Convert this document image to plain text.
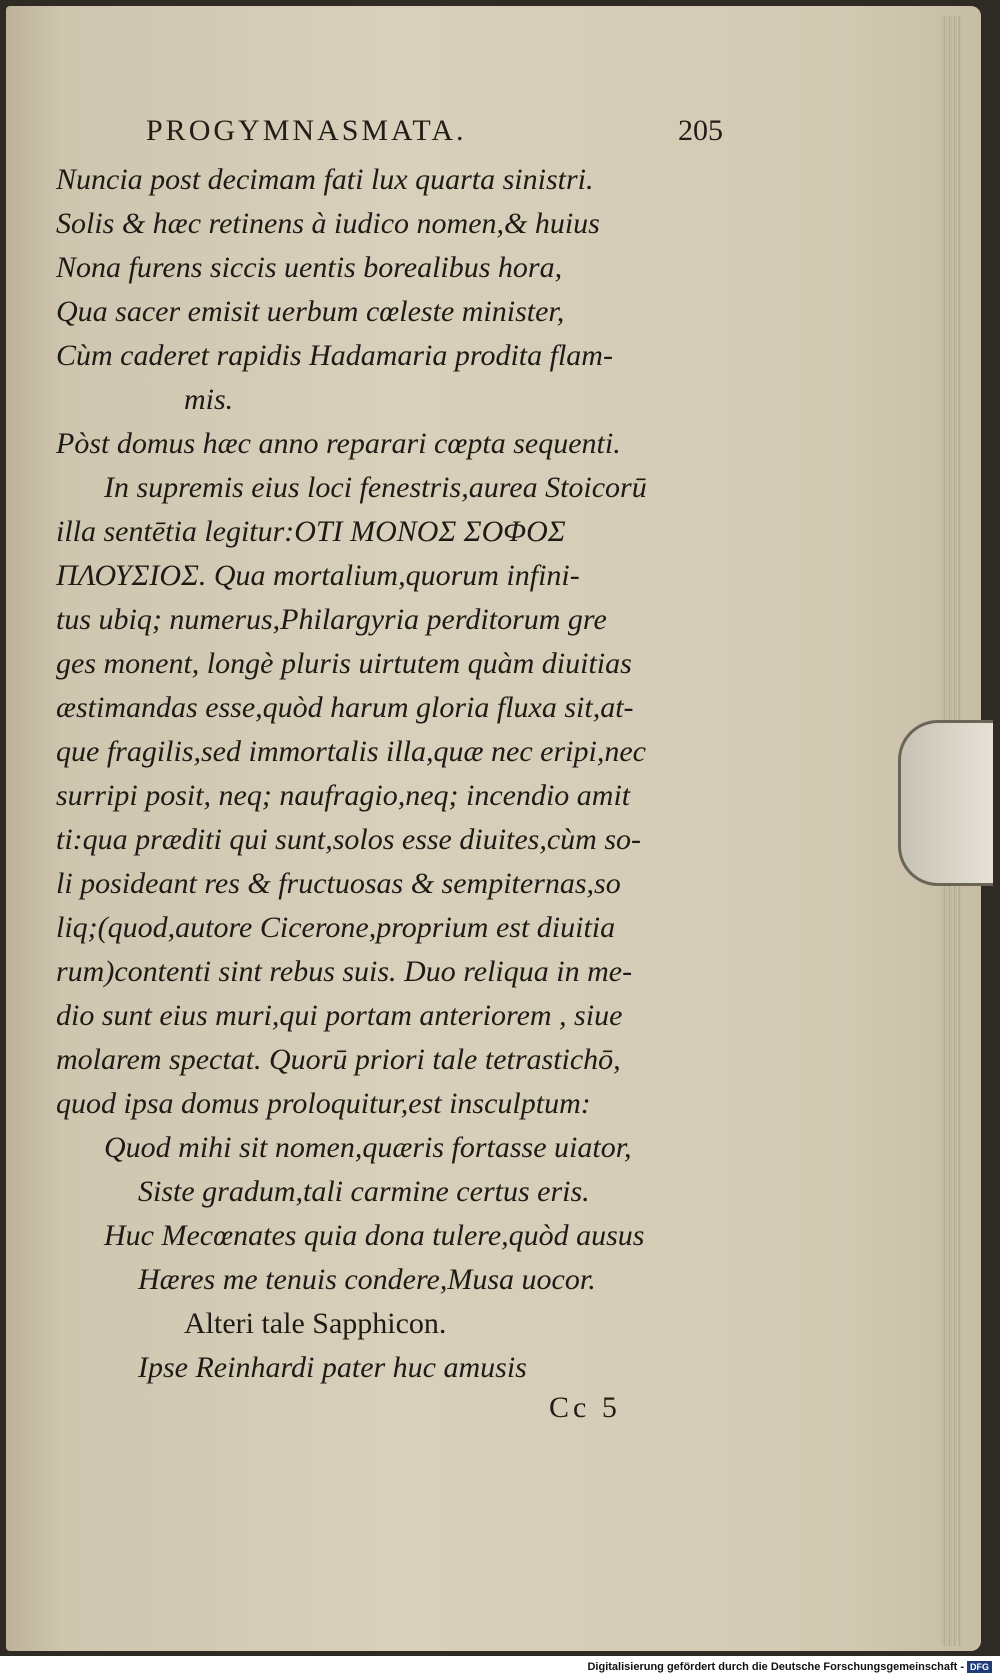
PROGYMNASMATA.	205
Nuncia post decimam fati lux quarta sinistri.
Solis & hæc retinens à iudico nomen,& huius
Nona furens siccis uentis borealibus hora,
Qua sacer emisit uerbum cœleste minister,
Cùm caderet rapidis Hadamaria prodita flam-
mis.
Pòst domus hæc anno reparari cœpta sequenti.
In supremis eius loci fenestris,aurea Stoicorū
illa sentētia legitur:ΟΤΙ ΜΟΝΟΣ ΣΟΦΟΣ
ΠΛΟΥΣΙΟΣ. Qua mortalium,quorum infini-
tus ubiq; numerus,Philargyria perditorum gre
ges monent, longè pluris uirtutem quàm diuitias
æstimandas esse,quòd harum gloria fluxa sit,at-
que fragilis,sed immortalis illa,quæ nec eripi,nec
surripi posit, neq; naufragio,neq; incendio amit
ti:qua præditi qui sunt,solos esse diuites,cùm so-
li posideant res & fructuosas & sempiternas,so
liq;(quod,autore Cicerone,proprium est diuitia
rum)contenti sint rebus suis. Duo reliqua in me-
dio sunt eius muri,qui portam anteriorem , siue
molarem spectat. Quorū priori tale tetrastichō,
quod ipsa domus proloquitur,est insculptum:
Quod mihi sit nomen,quæris fortasse uiator,
Siste gradum,tali carmine certus eris.
Huc Mecœnates quia dona tulere,quòd ausus
Hæres me tenuis condere,Musa uocor.
Alteri tale Sapphicon.
Ipse Reinhardi pater huc amusis
Cc 5
Digitalisierung gefördert durch die Deutsche Forschungsgemeinschaft - DFG
